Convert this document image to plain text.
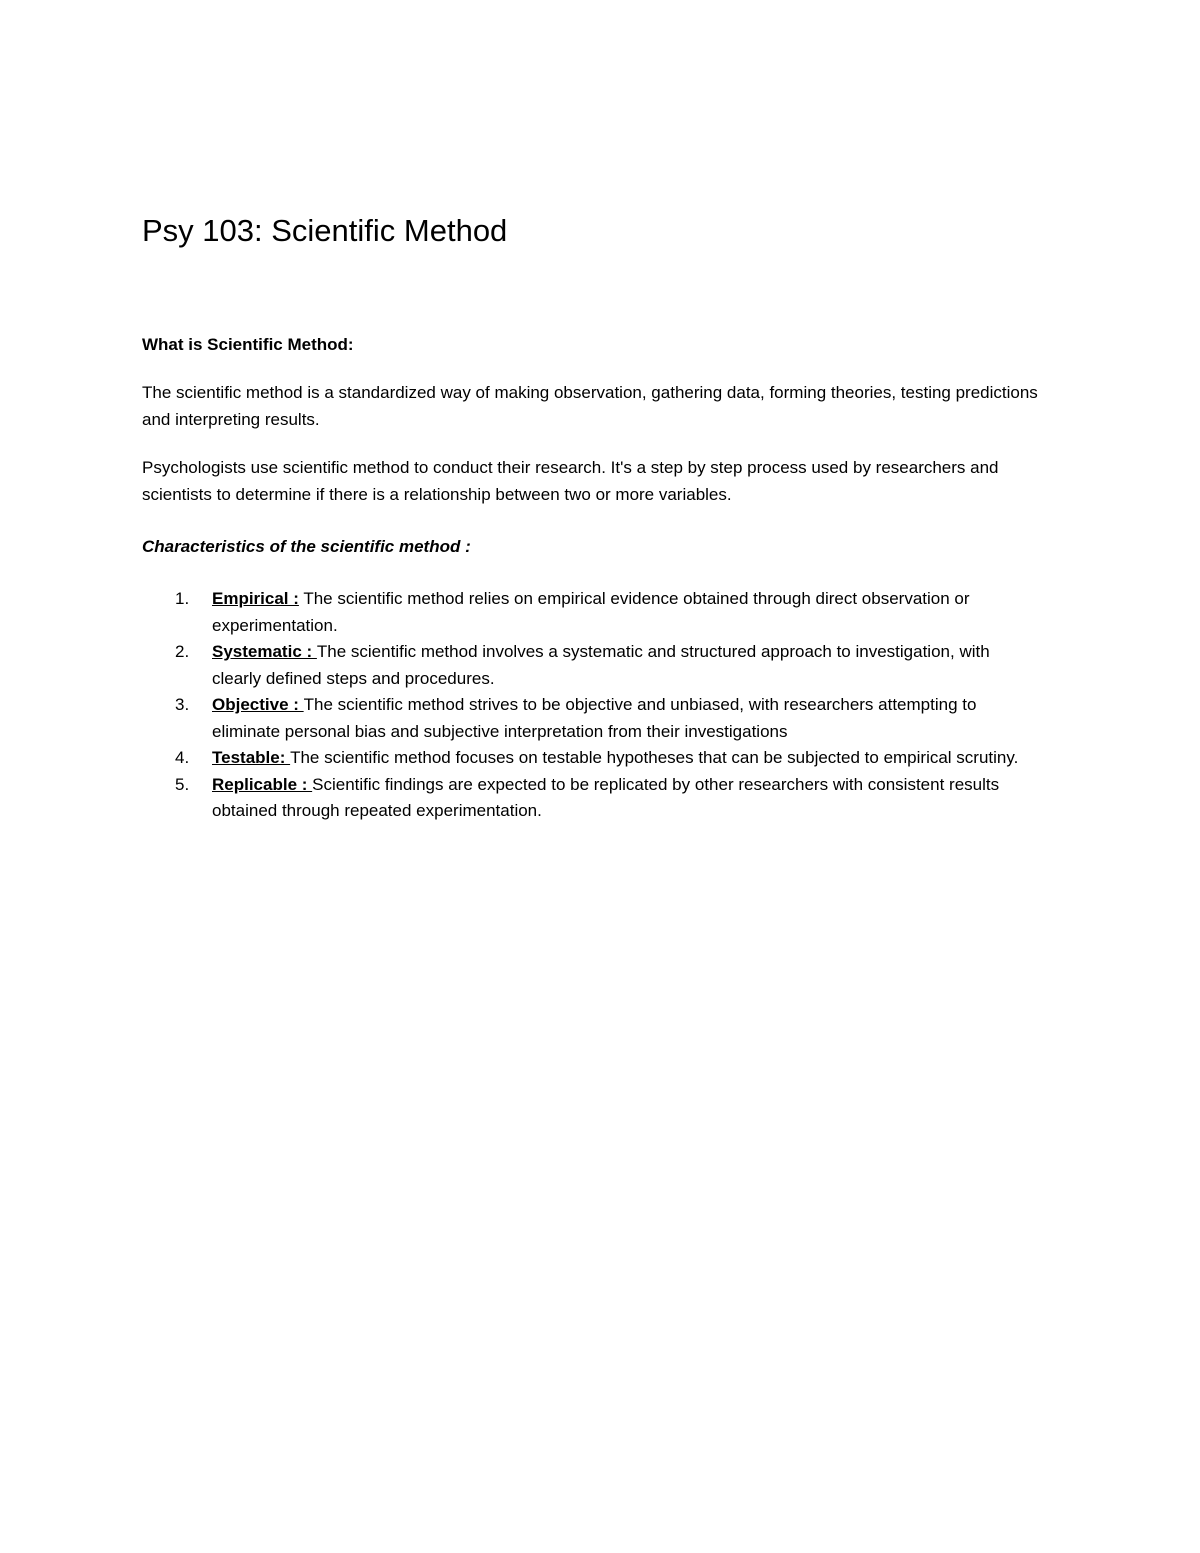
Psy 103: Scientific Method
What is Scientific Method:

The scientific method is a standardized way of making observation, gathering data, forming theories, testing predictions and interpreting results.

Psychologists use scientific method to conduct their research. It's a step by step process used by researchers and scientists to determine if there is a relationship between two or more variables.

Characteristics of the scientific method :
1. Empirical : The scientific method relies on empirical evidence obtained through direct observation or experimentation.
2. Systematic : The scientific method involves a systematic and structured approach to investigation, with clearly defined steps and procedures.
3. Objective : The scientific method strives to be objective and unbiased, with researchers attempting to eliminate personal bias and subjective interpretation from their investigations
4. Testable: The scientific method focuses on testable hypotheses that can be subjected to empirical scrutiny.
5. Replicable : Scientific findings are expected to be replicated by other researchers with consistent results obtained through repeated experimentation.
